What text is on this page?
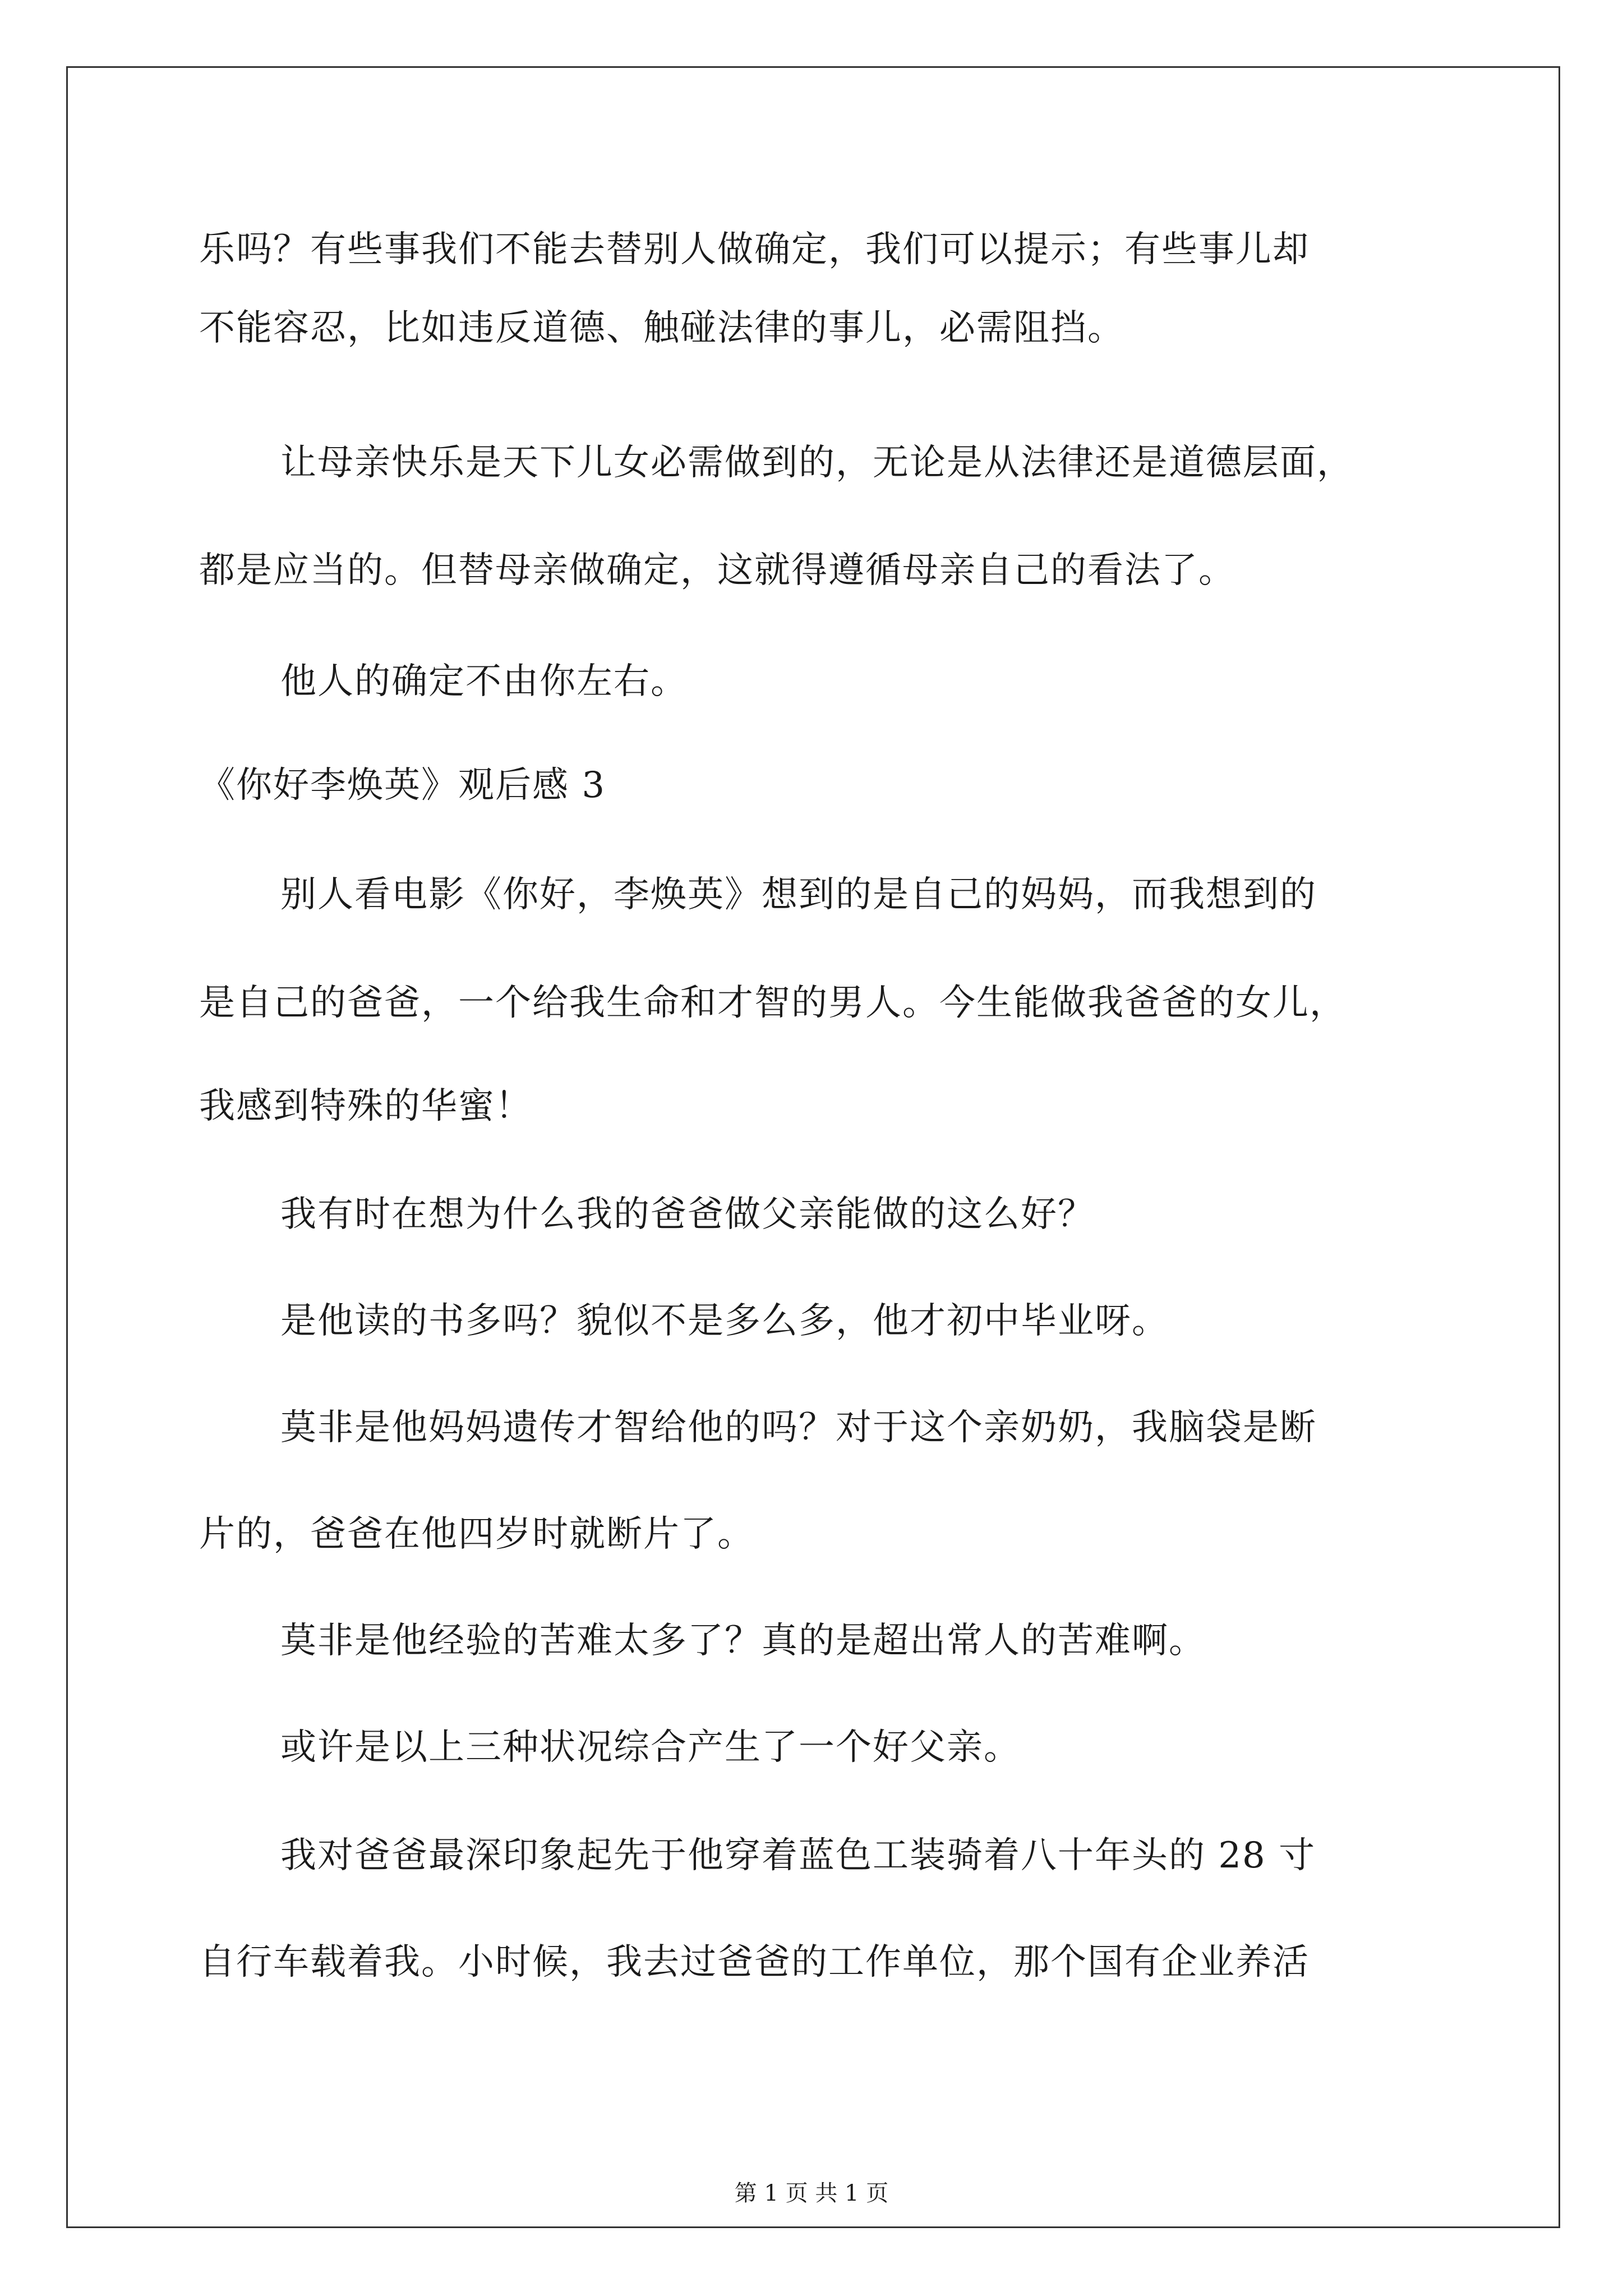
乐吗？有些事我们不能去替别人做确定，我们可以提示；有些事儿却
不能容忍，比如违反道德、触碰法律的事儿，必需阻挡。
让母亲快乐是天下儿女必需做到的，无论是从法律还是道德层面，
都是应当的。但替母亲做确定，这就得遵循母亲自己的看法了。
他人的确定不由你左右。
《你好李焕英》观后感 3
别人看电影《你好，李焕英》想到的是自己的妈妈，而我想到的
是自己的爸爸，一个给我生命和才智的男人。今生能做我爸爸的女儿，
我感到特殊的华蜜！
我有时在想为什么我的爸爸做父亲能做的这么好？
是他读的书多吗？貌似不是多么多，他才初中毕业呀。
莫非是他妈妈遗传才智给他的吗？对于这个亲奶奶，我脑袋是断
片的，爸爸在他四岁时就断片了。
莫非是他经验的苦难太多了？真的是超出常人的苦难啊。
或许是以上三种状况综合产生了一个好父亲。
我对爸爸最深印象起先于他穿着蓝色工装骑着八十年头的 28 寸
自行车载着我。小时候，我去过爸爸的工作单位，那个国有企业养活
第 1 页 共 1 页
